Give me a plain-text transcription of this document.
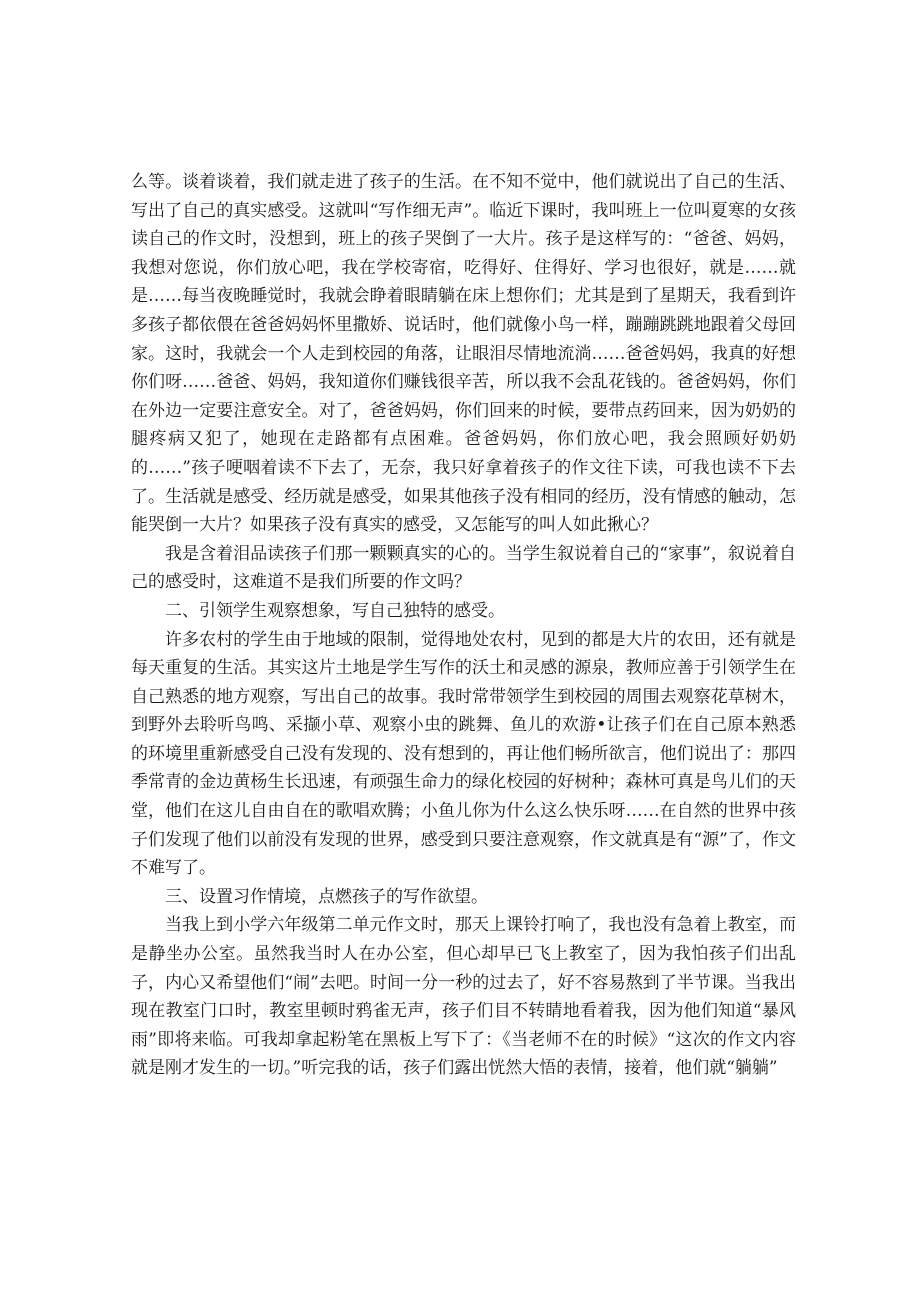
么等。谈着谈着，我们就走进了孩子的生活。在不知不觉中，他们就说出了自己的生活、写出了自己的真实感受。这就叫“写作细无声”。临近下课时，我叫班上一位叫夏寒的女孩读自己的作文时，没想到，班上的孩子哭倒了一大片。孩子是这样写的：“爸爸、妈妈，我想对您说，你们放心吧，我在学校寄宿，吃得好、住得好、学习也很好，就是……就是……每当夜晚睡觉时，我就会睁着眼睛躺在床上想你们；尤其是到了星期天，我看到许多孩子都依偎在爸爸妈妈怀里撒娇、说话时，他们就像小鸟一样，蹦蹦跳跳地跟着父母回家。这时，我就会一个人走到校园的角落，让眼泪尽情地流淌……爸爸妈妈，我真的好想你们呀……爸爸、妈妈，我知道你们赚钱很辛苦，所以我不会乱花钱的。爸爸妈妈，你们在外边一定要注意安全。对了，爸爸妈妈，你们回来的时候，要带点药回来，因为奶奶的腿疼病又犯了，她现在走路都有点困难。爸爸妈妈，你们放心吧，我会照顾好奶奶的……”孩子哽咽着读不下去了，无奈，我只好拿着孩子的作文往下读，可我也读不下去了。生活就是感受、经历就是感受，如果其他孩子没有相同的经历，没有情感的触动，怎能哭倒一大片？如果孩子没有真实的感受，又怎能写的叫人如此揪心？

我是含着泪品读孩子们那一颗颗真实的心的。当学生叙说着自己的“家事”，叙说着自己的感受时，这难道不是我们所要的作文吗？

二、引领学生观察想象，写自己独特的感受。

许多农村的学生由于地域的限制，觉得地处农村，见到的都是大片的农田，还有就是每天重复的生活。其实这片土地是学生写作的沃土和灵感的源泉，教师应善于引领学生在自己熟悉的地方观察，写出自己的故事。我时常带领学生到校园的周围去观察花草树木，到野外去聆听鸟鸣、采撷小草、观察小虫的跳舞、鱼儿的欢游•让孩子们在自己原本熟悉的环境里重新感受自己没有发现的、没有想到的，再让他们畅所欲言，他们说出了：那四季常青的金边黄杨生长迅速，有顽强生命力的绿化校园的好树种；森林可真是鸟儿们的天堂，他们在这儿自由自在的歌唱欢腾；小鱼儿你为什么这么快乐呀……在自然的世界中孩子们发现了他们以前没有发现的世界，感受到只要注意观察，作文就真是有“源”了，作文不难写了。

三、设置习作情境，点燃孩子的写作欲望。

当我上到小学六年级第二单元作文时，那天上课铃打响了，我也没有急着上教室，而是静坐办公室。虽然我当时人在办公室，但心却早已飞上教室了，因为我怕孩子们出乱子，内心又希望他们“闹”去吧。时间一分一秒的过去了，好不容易熬到了半节课。当我出现在教室门口时，教室里顿时鸦雀无声，孩子们目不转睛地看着我，因为他们知道“暴风雨”即将来临。可我却拿起粉笔在黑板上写下了：《当老师不在的时候》“这次的作文内容就是刚才发生的一切。”听完我的话，孩子们露出恍然大悟的表情，接着，他们就“躺躺”
